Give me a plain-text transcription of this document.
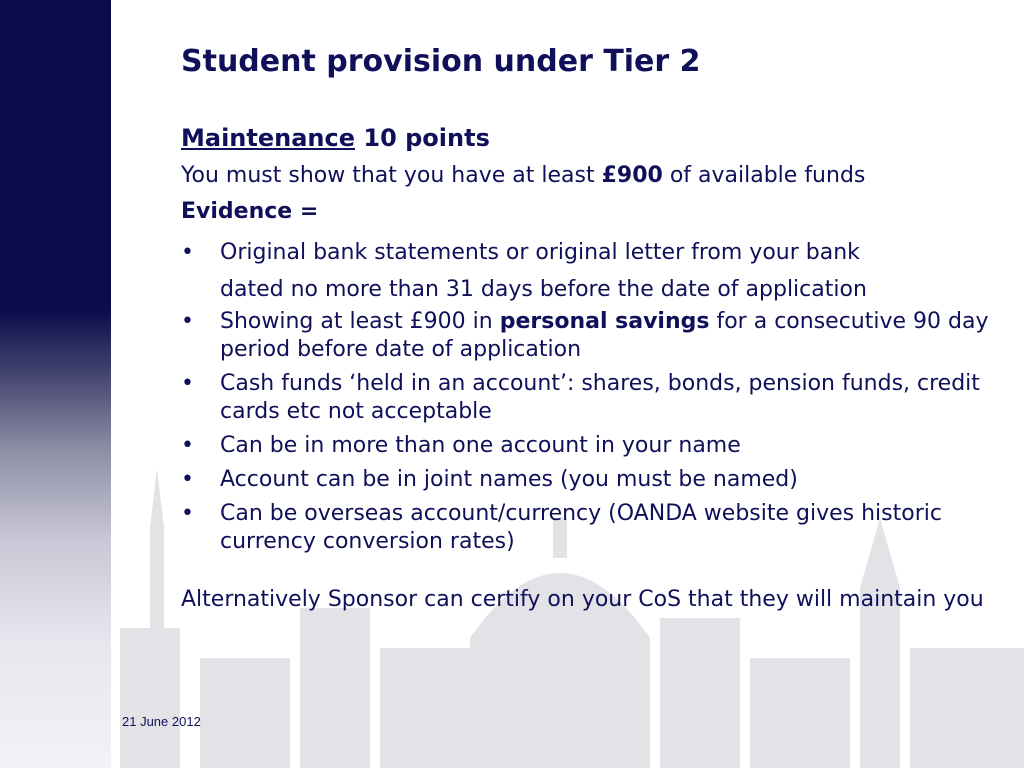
Student provision under Tier 2
Maintenance 10 points
You must show that you have at least £900 of available funds
Evidence =
• Original bank statements or original letter from your bank
dated no more than 31 days before the date of application
• Showing at least £900 in personal savings for a consecutive 90 day period before date of application
• Cash funds ‘held in an account’: shares, bonds, pension funds, credit cards etc not acceptable
• Can be in more than one account in your name
• Account can be in joint names (you must be named)
• Can be overseas account/currency (OANDA website gives historic currency conversion rates)
Alternatively Sponsor can certify on your CoS that they will maintain you
21 June 2012
